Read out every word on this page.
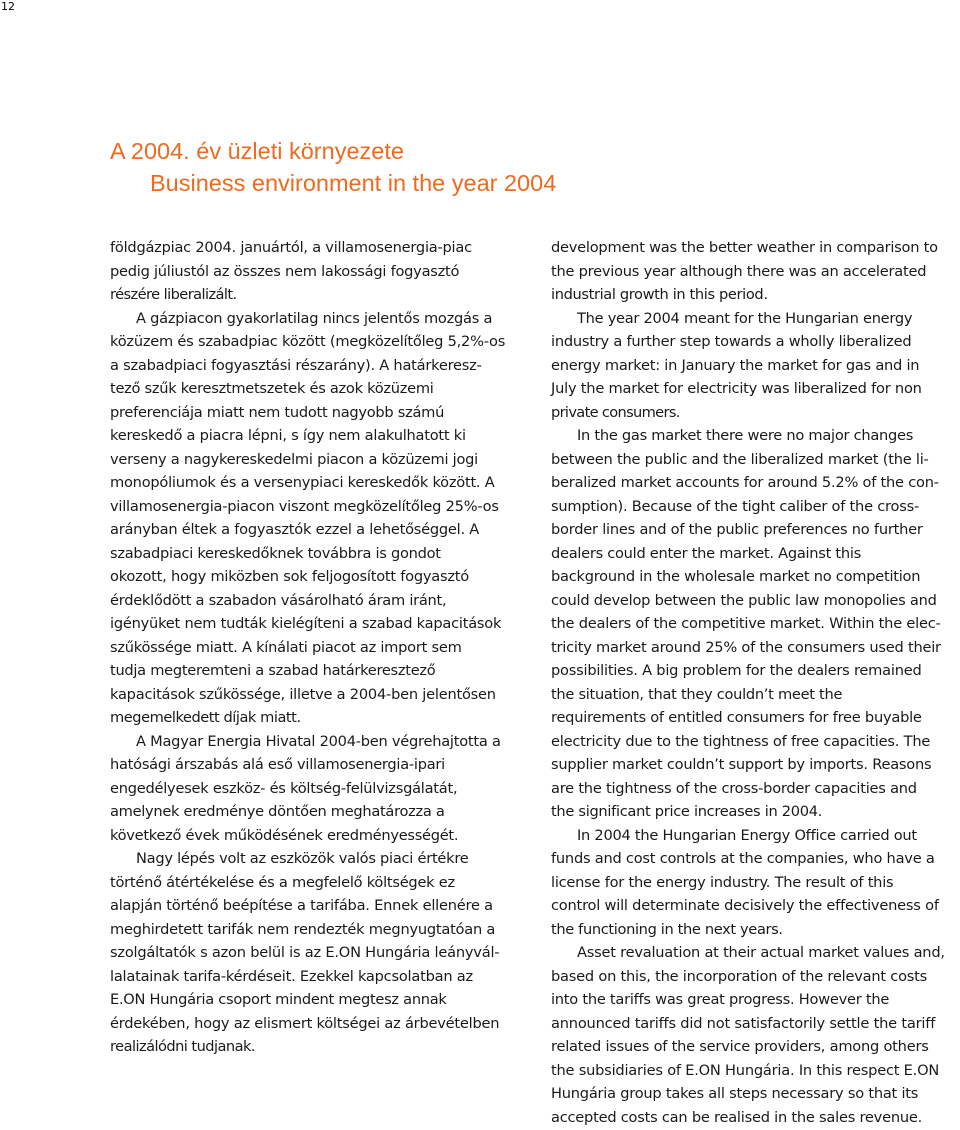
12
A 2004. év üzleti környezete
Business environment in the year 2004
földgázpiac 2004. januártól, a villamosenergia-piac
pedig júliustól az összes nem lakossági fogyasztó
részére liberalizált.
A gázpiacon gyakorlatilag nincs jelentős mozgás a
közüzem és szabadpiac között (megközelítőleg 5,2%-os
a szabadpiaci fogyasztási részarány). A határkeresz-
tező szűk keresztmetszetek és azok közüzemi
preferenciája miatt nem tudott nagyobb számú
kereskedő a piacra lépni, s így nem alakulhatott ki
verseny a nagykereskedelmi piacon a közüzemi jogi
monopóliumok és a versenypiaci kereskedők között. A
villamosenergia-piacon viszont megközelítőleg 25%-os
arányban éltek a fogyasztók ezzel a lehetőséggel. A
szabadpiaci kereskedőknek továbbra is gondot
okozott, hogy miközben sok feljogosított fogyasztó
érdeklődött a szabadon vásárolható áram iránt,
igényüket nem tudták kielégíteni a szabad kapacitások
szűkössége miatt. A kínálati piacot az import sem
tudja megteremteni a szabad határkeresztező
kapacitások szűkössége, illetve a 2004-ben jelentősen
megemelkedett díjak miatt.
A Magyar Energia Hivatal 2004-ben végrehajtotta a
hatósági árszabás alá eső villamosenergia-ipari
engedélyesek eszköz- és költség-felülvizsgálatát,
amelynek eredménye döntően meghatározza a
következő évek működésének eredményességét.
Nagy lépés volt az eszközök valós piaci értékre
történő átértékelése és a megfelelő költségek ez
alapján történő beépítése a tarifába. Ennek ellenére a
meghirdetett tarifák nem rendezték megnyugtatóan a
szolgáltatók s azon belül is az E.ON Hungária leányvál-
lalatainak tarifa-kérdéseit. Ezekkel kapcsolatban az
E.ON Hungária csoport mindent megtesz annak
érdekében, hogy az elismert költségei az árbevételben
realizálódni tudjanak.
development was the better weather in comparison to
the previous year although there was an accelerated
industrial growth in this period.
The year 2004 meant for the Hungarian energy
industry a further step towards a wholly liberalized
energy market: in January the market for gas and in
July the market for electricity was liberalized for non
private consumers.
In the gas market there were no major changes
between the public and the liberalized market (the li-
beralized market accounts for around 5.2% of the con-
sumption). Because of the tight caliber of the cross-
border lines and of the public preferences no further
dealers could enter the market. Against this
background in the wholesale market no competition
could develop between the public law monopolies and
the dealers of the competitive market. Within the elec-
tricity market around 25% of the consumers used their
possibilities. A big problem for the dealers remained
the situation, that they couldn’t meet the
requirements of entitled consumers for free buyable
electricity due to the tightness of free capacities. The
supplier market couldn’t support by imports. Reasons
are the tightness of the cross-border capacities and
the significant price increases in 2004.
In 2004 the Hungarian Energy Office carried out
funds and cost controls at the companies, who have a
license for the energy industry. The result of this
control will determinate decisively the effectiveness of
the functioning in the next years.
Asset revaluation at their actual market values and,
based on this, the incorporation of the relevant costs
into the tariffs was great progress. However the
announced tariffs did not satisfactorily settle the tariff
related issues of the service providers, among others
the subsidiaries of E.ON Hungária. In this respect E.ON
Hungária group takes all steps necessary so that its
accepted costs can be realised in the sales revenue.
